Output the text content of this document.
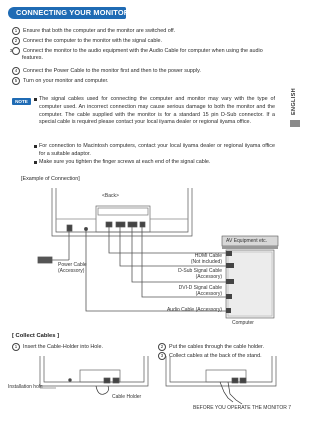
CONNECTING YOUR MONITOR
ENGLISH
1 Ensure that both the computer and the monitor are switched off.
2 Connect the computer to the monitor with the signal cable.
3 Connect the monitor to the audio equipment with the Audio Cable for computer when using the audio features.
4 Connect the Power Cable to the monitor first and then to the power supply.
5 Turn on your monitor and computer.
NOTE	The signal cables used for connecting the computer and monitor may vary with the type of computer used. An incorrect connection may cause serious damage to both the monitor and the computer. The cable supplied with the monitor is for a standard 15 pin D-Sub connector. If a special cable is required please contact your local iiyama dealer or regional iiyama office.
For connection to Macintosh computers, contact your local iiyama dealer or regional iiyama office for a suitable adaptor.
Make sure you tighten the finger screws at each end of the signal cable.
[Example of Connection]
<Back>
Power Cable
(Accessory)
AV Equipment etc.
HDMI Cable
(Not included)
D-Sub Signal Cable
(Accessory)
DVI-D Signal Cable
(Accessory)
Audio Cable (Accessory)
Computer
[ Collect Cables ]
1 Insert the Cable-Holder into Hole.	2 Put the cables through the cable holder.
3 Collect cables at the back of the stand.
Installation hole
Cable Holder
BEFORE YOU OPERATE THE MONITOR 7
